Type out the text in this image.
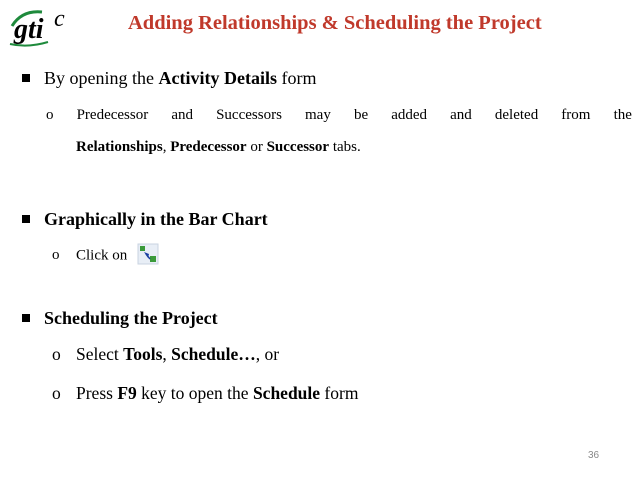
gti c	Adding Relationships & Scheduling the Project
By opening the Activity Details form
o Predecessor and Successors may be added and deleted from the
Relationships, Predecessor or Successor tabs.
Graphically in the Bar Chart
o Click on
Scheduling the Project
o Select Tools, Schedule…, or
o Press F9 key to open the Schedule form
36
